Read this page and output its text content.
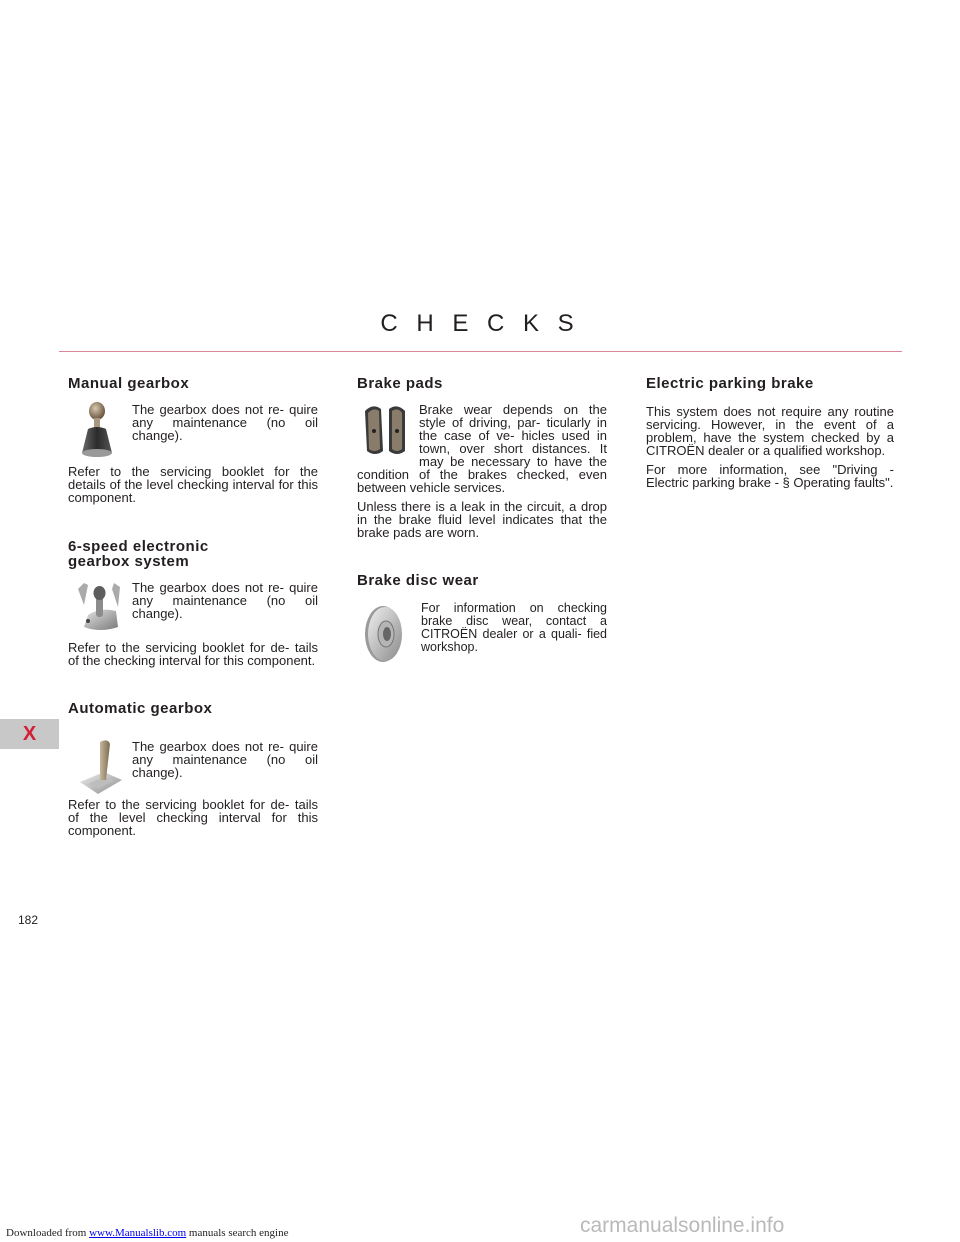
C H E C K S
Manual gearbox

The gearbox does not re- quire any maintenance (no oil change).

Refer to the servicing booklet for the details of the level checking interval for this component.

6-speed electronic
gearbox system

The gearbox does not re- quire any maintenance (no oil change).

Refer to the servicing booklet for de- tails of the checking interval for this component.

Automatic gearbox

The gearbox does not re- quire any maintenance (no oil change).

Refer to the servicing booklet for de- tails of the level checking interval for this component.

Brake pads

Brake wear depends on the style of driving, par- ticularly in the case of ve- hicles used in town, over short distances. It may be necessary to have the condition of the brakes checked, even between vehicle services.

Unless there is a leak in the circuit, a drop in the brake fluid level indicates that the brake pads are worn.

Brake disc wear

For information on checking brake disc wear, contact a CITROËN dealer or a quali- fied workshop.

Electric parking brake

This system does not require any routine servicing. However, in the event of a problem, have the system checked by a CITROËN dealer or a qualified workshop.

For more information, see "Driving - Electric parking brake - § Operating faults".

X
182
Downloaded from www.Manualslib.com manuals search engine	carmanualsonline.info
